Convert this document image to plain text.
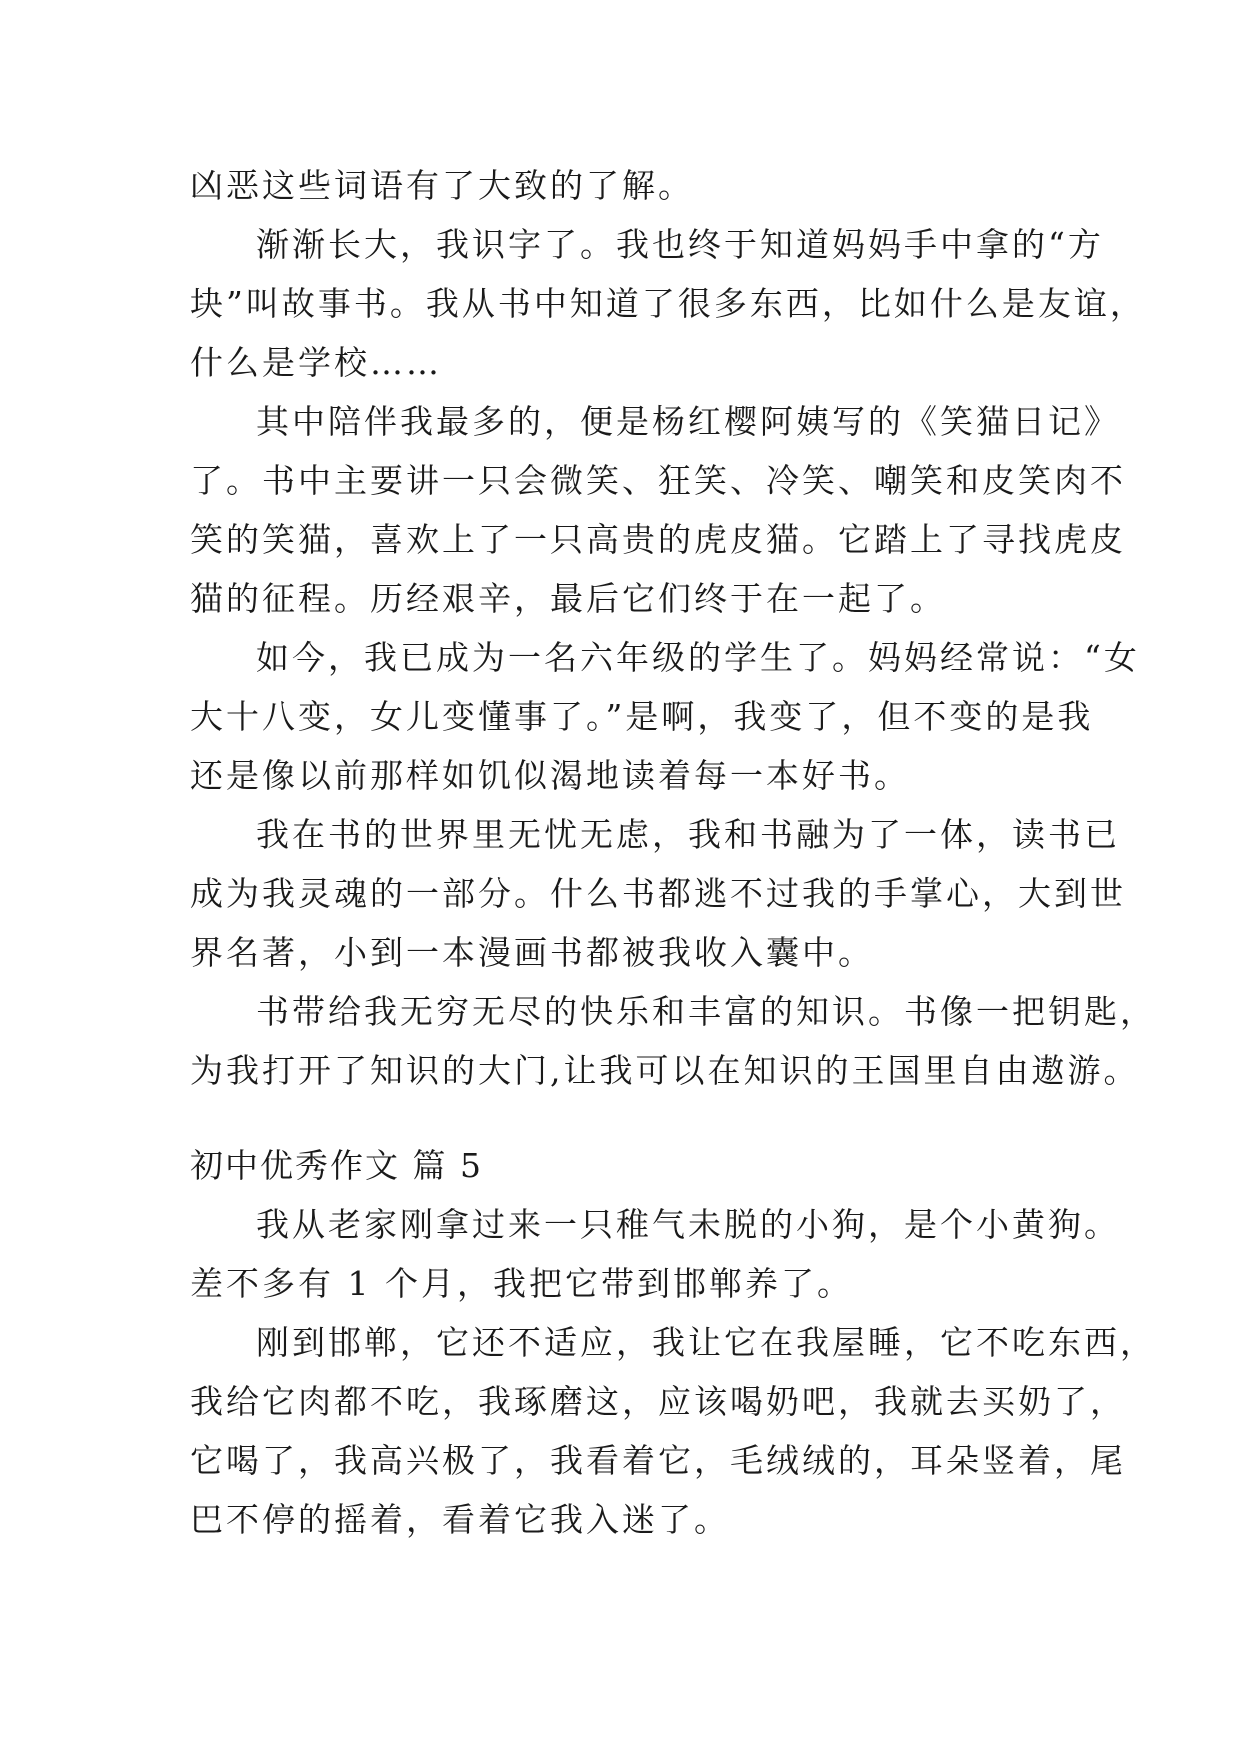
凶恶这些词语有了大致的了解。
渐渐长大，我识字了。我也终于知道妈妈手中拿的“方
块”叫故事书。我从书中知道了很多东西，比如什么是友谊，
什么是学校……
其中陪伴我最多的，便是杨红樱阿姨写的《笑猫日记》
了。书中主要讲一只会微笑、狂笑、冷笑、嘲笑和皮笑肉不
笑的笑猫，喜欢上了一只高贵的虎皮猫。它踏上了寻找虎皮
猫的征程。历经艰辛，最后它们终于在一起了。
如今，我已成为一名六年级的学生了。妈妈经常说：“女
大十八变，女儿变懂事了。”是啊，我变了，但不变的是我
还是像以前那样如饥似渴地读着每一本好书。
我在书的世界里无忧无虑，我和书融为了一体，读书已
成为我灵魂的一部分。什么书都逃不过我的手掌心，大到世
界名著，小到一本漫画书都被我收入囊中。
书带给我无穷无尽的快乐和丰富的知识。书像一把钥匙，
为我打开了知识的大门,让我可以在知识的王国里自由遨游。
初中优秀作文 篇 5
我从老家刚拿过来一只稚气未脱的小狗，是个小黄狗。
差不多有 1 个月，我把它带到邯郸养了。
刚到邯郸，它还不适应，我让它在我屋睡，它不吃东西，
我给它肉都不吃，我琢磨这，应该喝奶吧，我就去买奶了，
它喝了，我高兴极了，我看着它，毛绒绒的，耳朵竖着，尾
巴不停的摇着，看着它我入迷了。
